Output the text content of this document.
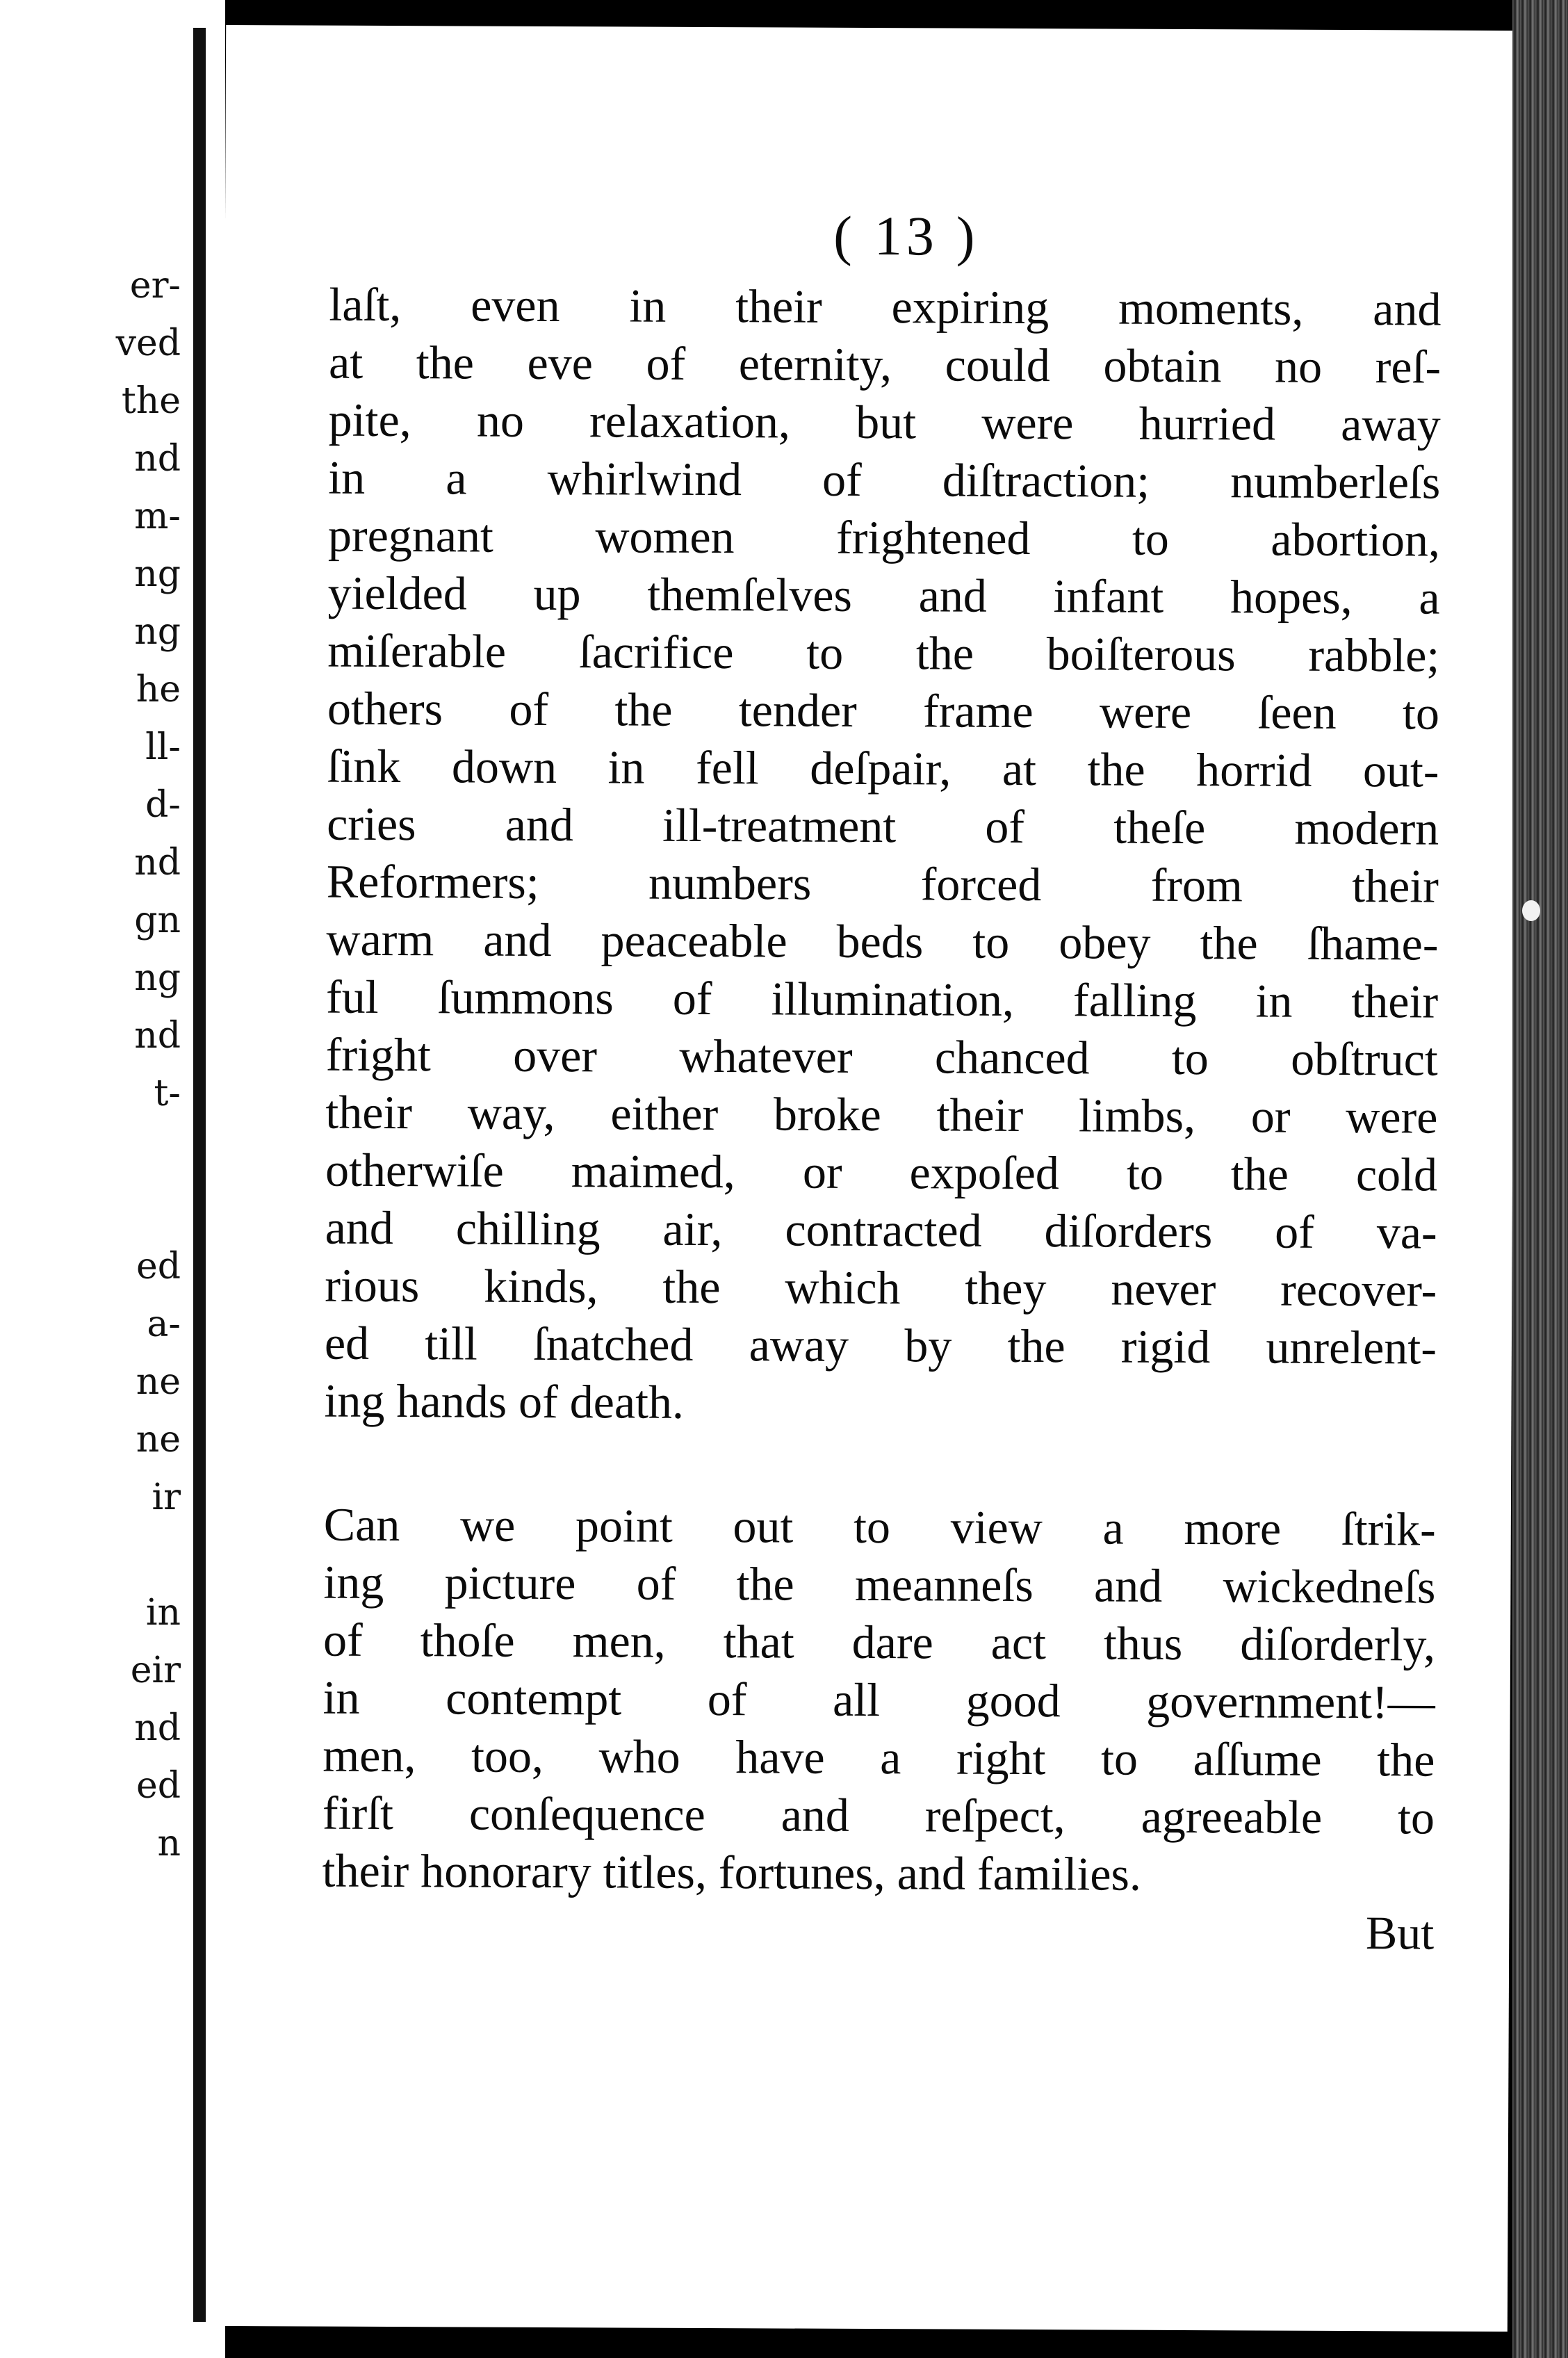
er-
ved
the
nd
m-
ng
ng
he
ll-
d-
nd
gn
ng
nd
t-
ed
a-
ne
ne
ir
in
eir
nd
ed
n
( 13 )
laſt, even in their expiring moments, and
at the eve of eternity, could obtain no reſ-
pite, no relaxation, but were hurried away
in a whirlwind of diſtraction; numberleſs
pregnant women frightened to abortion,
yielded up themſelves and infant hopes, a
miſerable ſacrifice to the boiſterous rabble;
others of the tender frame were ſeen to
ſink down in fell deſpair, at the horrid out-
cries and ill-treatment of theſe modern
Reformers; numbers forced from their
warm and peaceable beds to obey the ſhame-
ful ſummons of illumination, falling in their
fright over whatever chanced to obſtruct
their way, either broke their limbs, or were
otherwiſe maimed, or expoſed to the cold
and chilling air, contracted diſorders of va-
rious kinds, the which they never recover-
ed till ſnatched away by the rigid unrelent-
ing hands of death.
Can we point out to view a more ſtrik-
ing picture of the meanneſs and wickedneſs
of thoſe men, that dare act thus diſorderly,
in contempt of all good government!—
men, too, who have a right to aſſume the
firſt conſequence and reſpect, agreeable to
their honorary titles, fortunes, and families.
But
